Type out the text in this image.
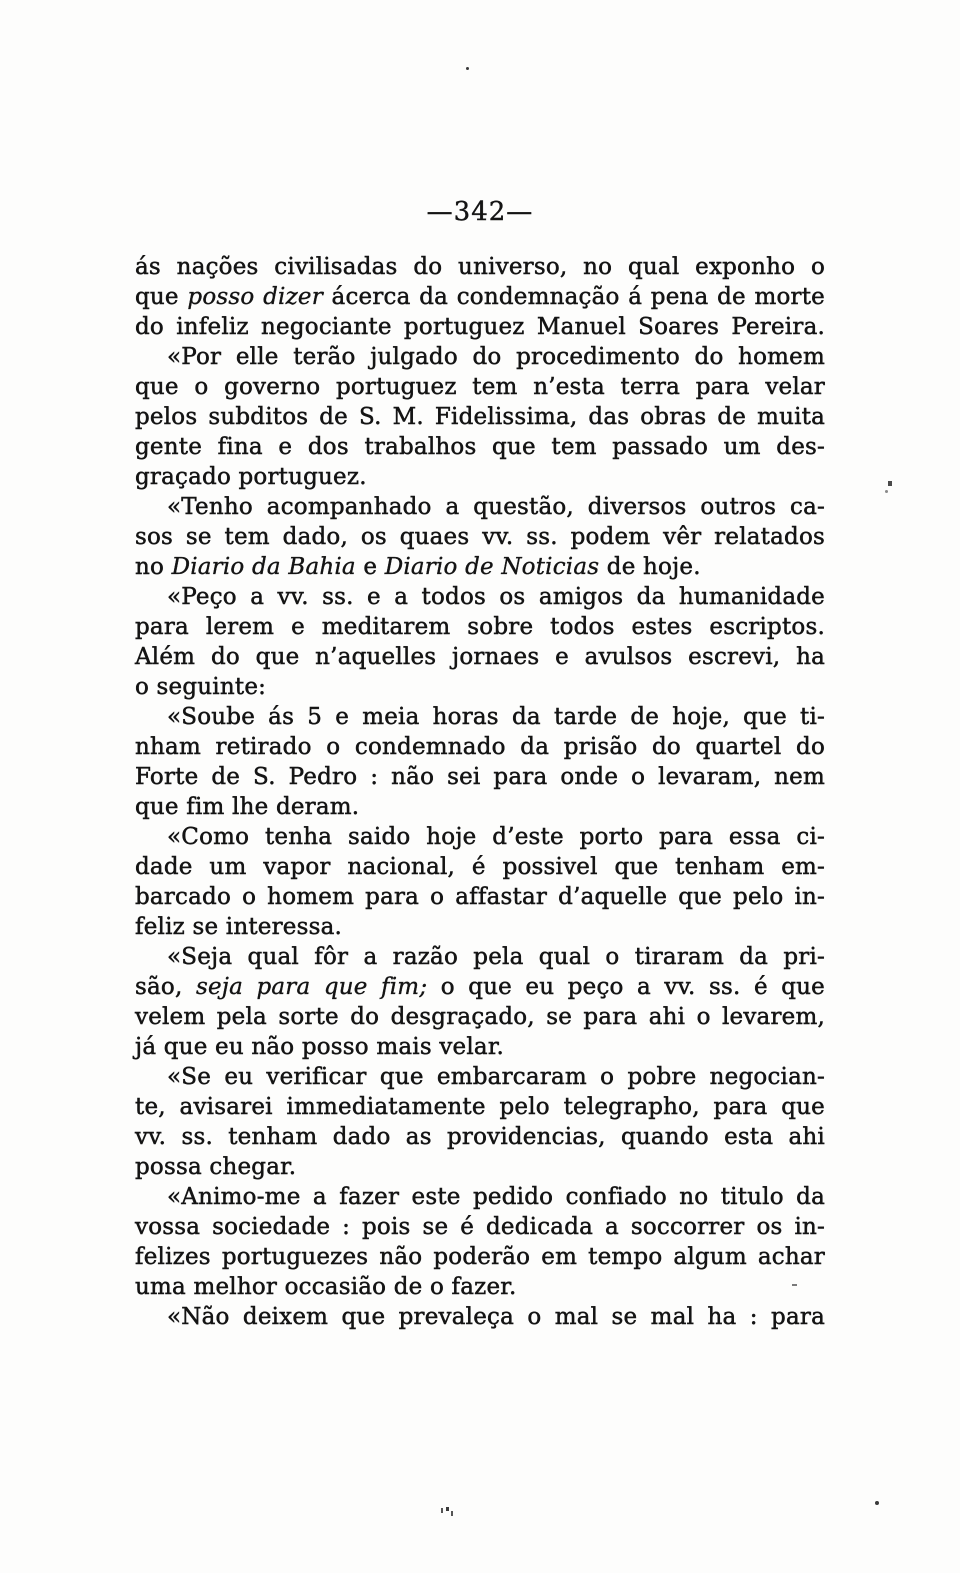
—342—
ás nações civilisadas do universo, no qual exponho o
que posso dizer ácerca da condemnação á pena de morte
do infeliz negociante portuguez Manuel Soares Pereira.
«Por elle terão julgado do procedimento do homem
que o governo portuguez tem n’esta terra para velar
pelos subditos de S. M. Fidelissima, das obras de muita
gente fina e dos trabalhos que tem passado um des-
graçado portuguez.
«Tenho acompanhado a questão, diversos outros ca-
sos se tem dado, os quaes vv. ss. podem vêr relatados
no Diario da Bahia e Diario de Noticias de hoje.
«Peço a vv. ss. e a todos os amigos da humanidade
para lerem e meditarem sobre todos estes escriptos.
Além do que n’aquelles jornaes e avulsos escrevi, ha
o seguinte:
«Soube ás 5 e meia horas da tarde de hoje, que ti-
nham retirado o condemnado da prisão do quartel do
Forte de S. Pedro : não sei para onde o levaram, nem
que fim lhe deram.
«Como tenha saido hoje d’este porto para essa ci-
dade um vapor nacional, é possivel que tenham em-
barcado o homem para o affastar d’aquelle que pelo in-
feliz se interessa.
«Seja qual fôr a razão pela qual o tiraram da pri-
são, seja para que fim; o que eu peço a vv. ss. é que
velem pela sorte do desgraçado, se para ahi o levarem,
já que eu não posso mais velar.
«Se eu verificar que embarcaram o pobre negocian-
te, avisarei immediatamente pelo telegrapho, para que
vv. ss. tenham dado as providencias, quando esta ahi
possa chegar.
«Animo-me a fazer este pedido confiado no titulo da
vossa sociedade : pois se é dedicada a soccorrer os in-
felizes portuguezes não poderão em tempo algum achar
uma melhor occasião de o fazer.
«Não deixem que prevaleça o mal se mal ha : para
